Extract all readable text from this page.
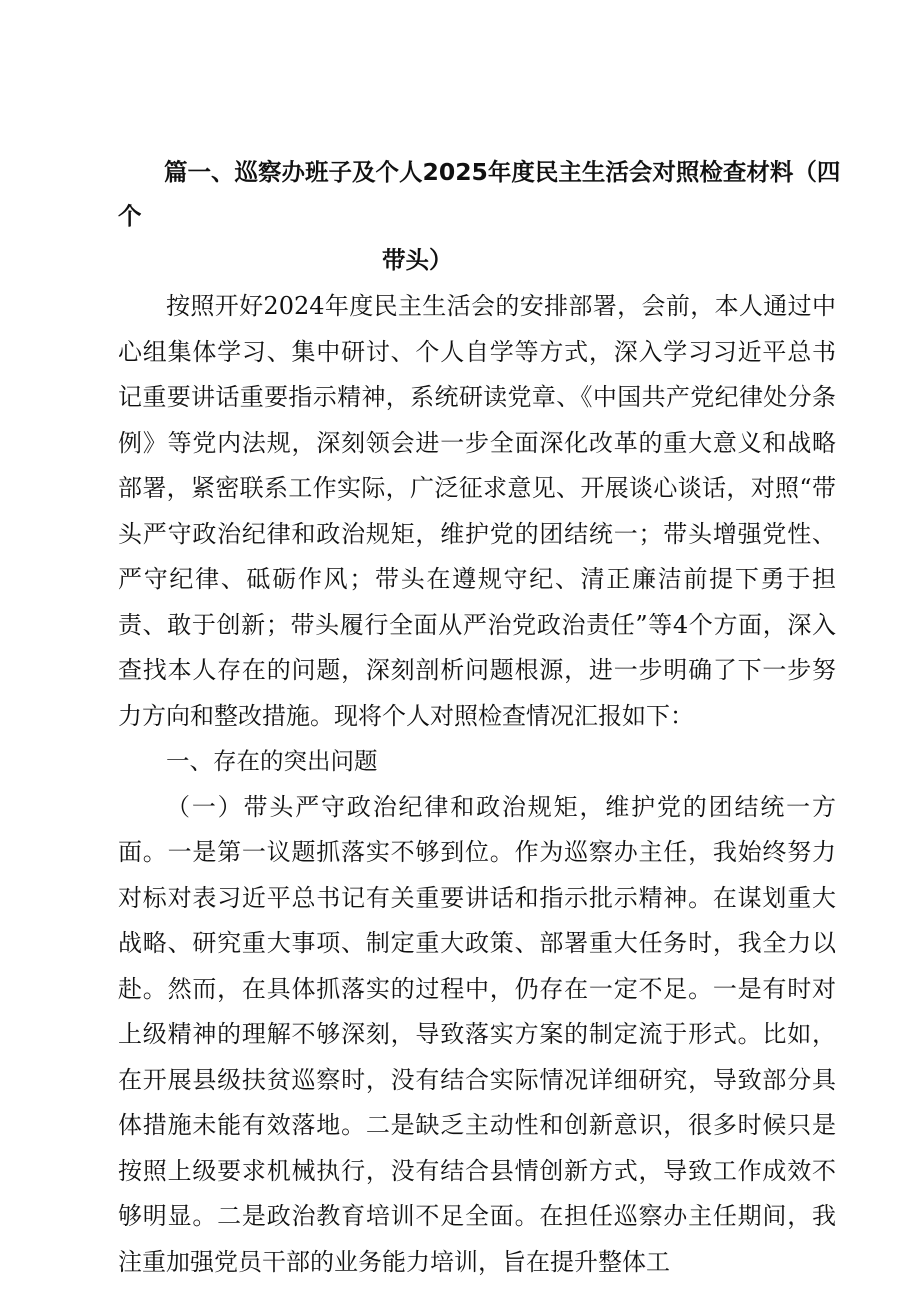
篇一、巡察办班子及个人2025年度民主生活会对照检查材料（四个
带头）

按照开好2024年度民主生活会的安排部署，会前，本人通过中心组集体学习、集中研讨、个人自学等方式，深入学习习近平总书记重要讲话重要指示精神，系统研读党章、《中国共产党纪律处分条例》等党内法规，深刻领会进一步全面深化改革的重大意义和战略部署，紧密联系工作实际，广泛征求意见、开展谈心谈话，对照“带头严守政治纪律和政治规矩，维护党的团结统一；带头增强党性、严守纪律、砥砺作风；带头在遵规守纪、清正廉洁前提下勇于担责、敢于创新；带头履行全面从严治党政治责任”等4个方面，深入查找本人存在的问题，深刻剖析问题根源，进一步明确了下一步努力方向和整改措施。现将个人对照检查情况汇报如下：

一、存在的突出问题

（一）带头严守政治纪律和政治规矩，维护党的团结统一方面。一是第一议题抓落实不够到位。作为巡察办主任，我始终努力对标对表习近平总书记有关重要讲话和指示批示精神。在谋划重大战略、研究重大事项、制定重大政策、部署重大任务时，我全力以赴。然而，在具体抓落实的过程中，仍存在一定不足。一是有时对上级精神的理解不够深刻，导致落实方案的制定流于形式。比如，在开展县级扶贫巡察时，没有结合实际情况详细研究，导致部分具体措施未能有效落地。二是缺乏主动性和创新意识，很多时候只是按照上级要求机械执行，没有结合县情创新方式，导致工作成效不够明显。二是政治教育培训不足全面。在担任巡察办主任期间，我注重加强党员干部的业务能力培训，旨在提升整体工
